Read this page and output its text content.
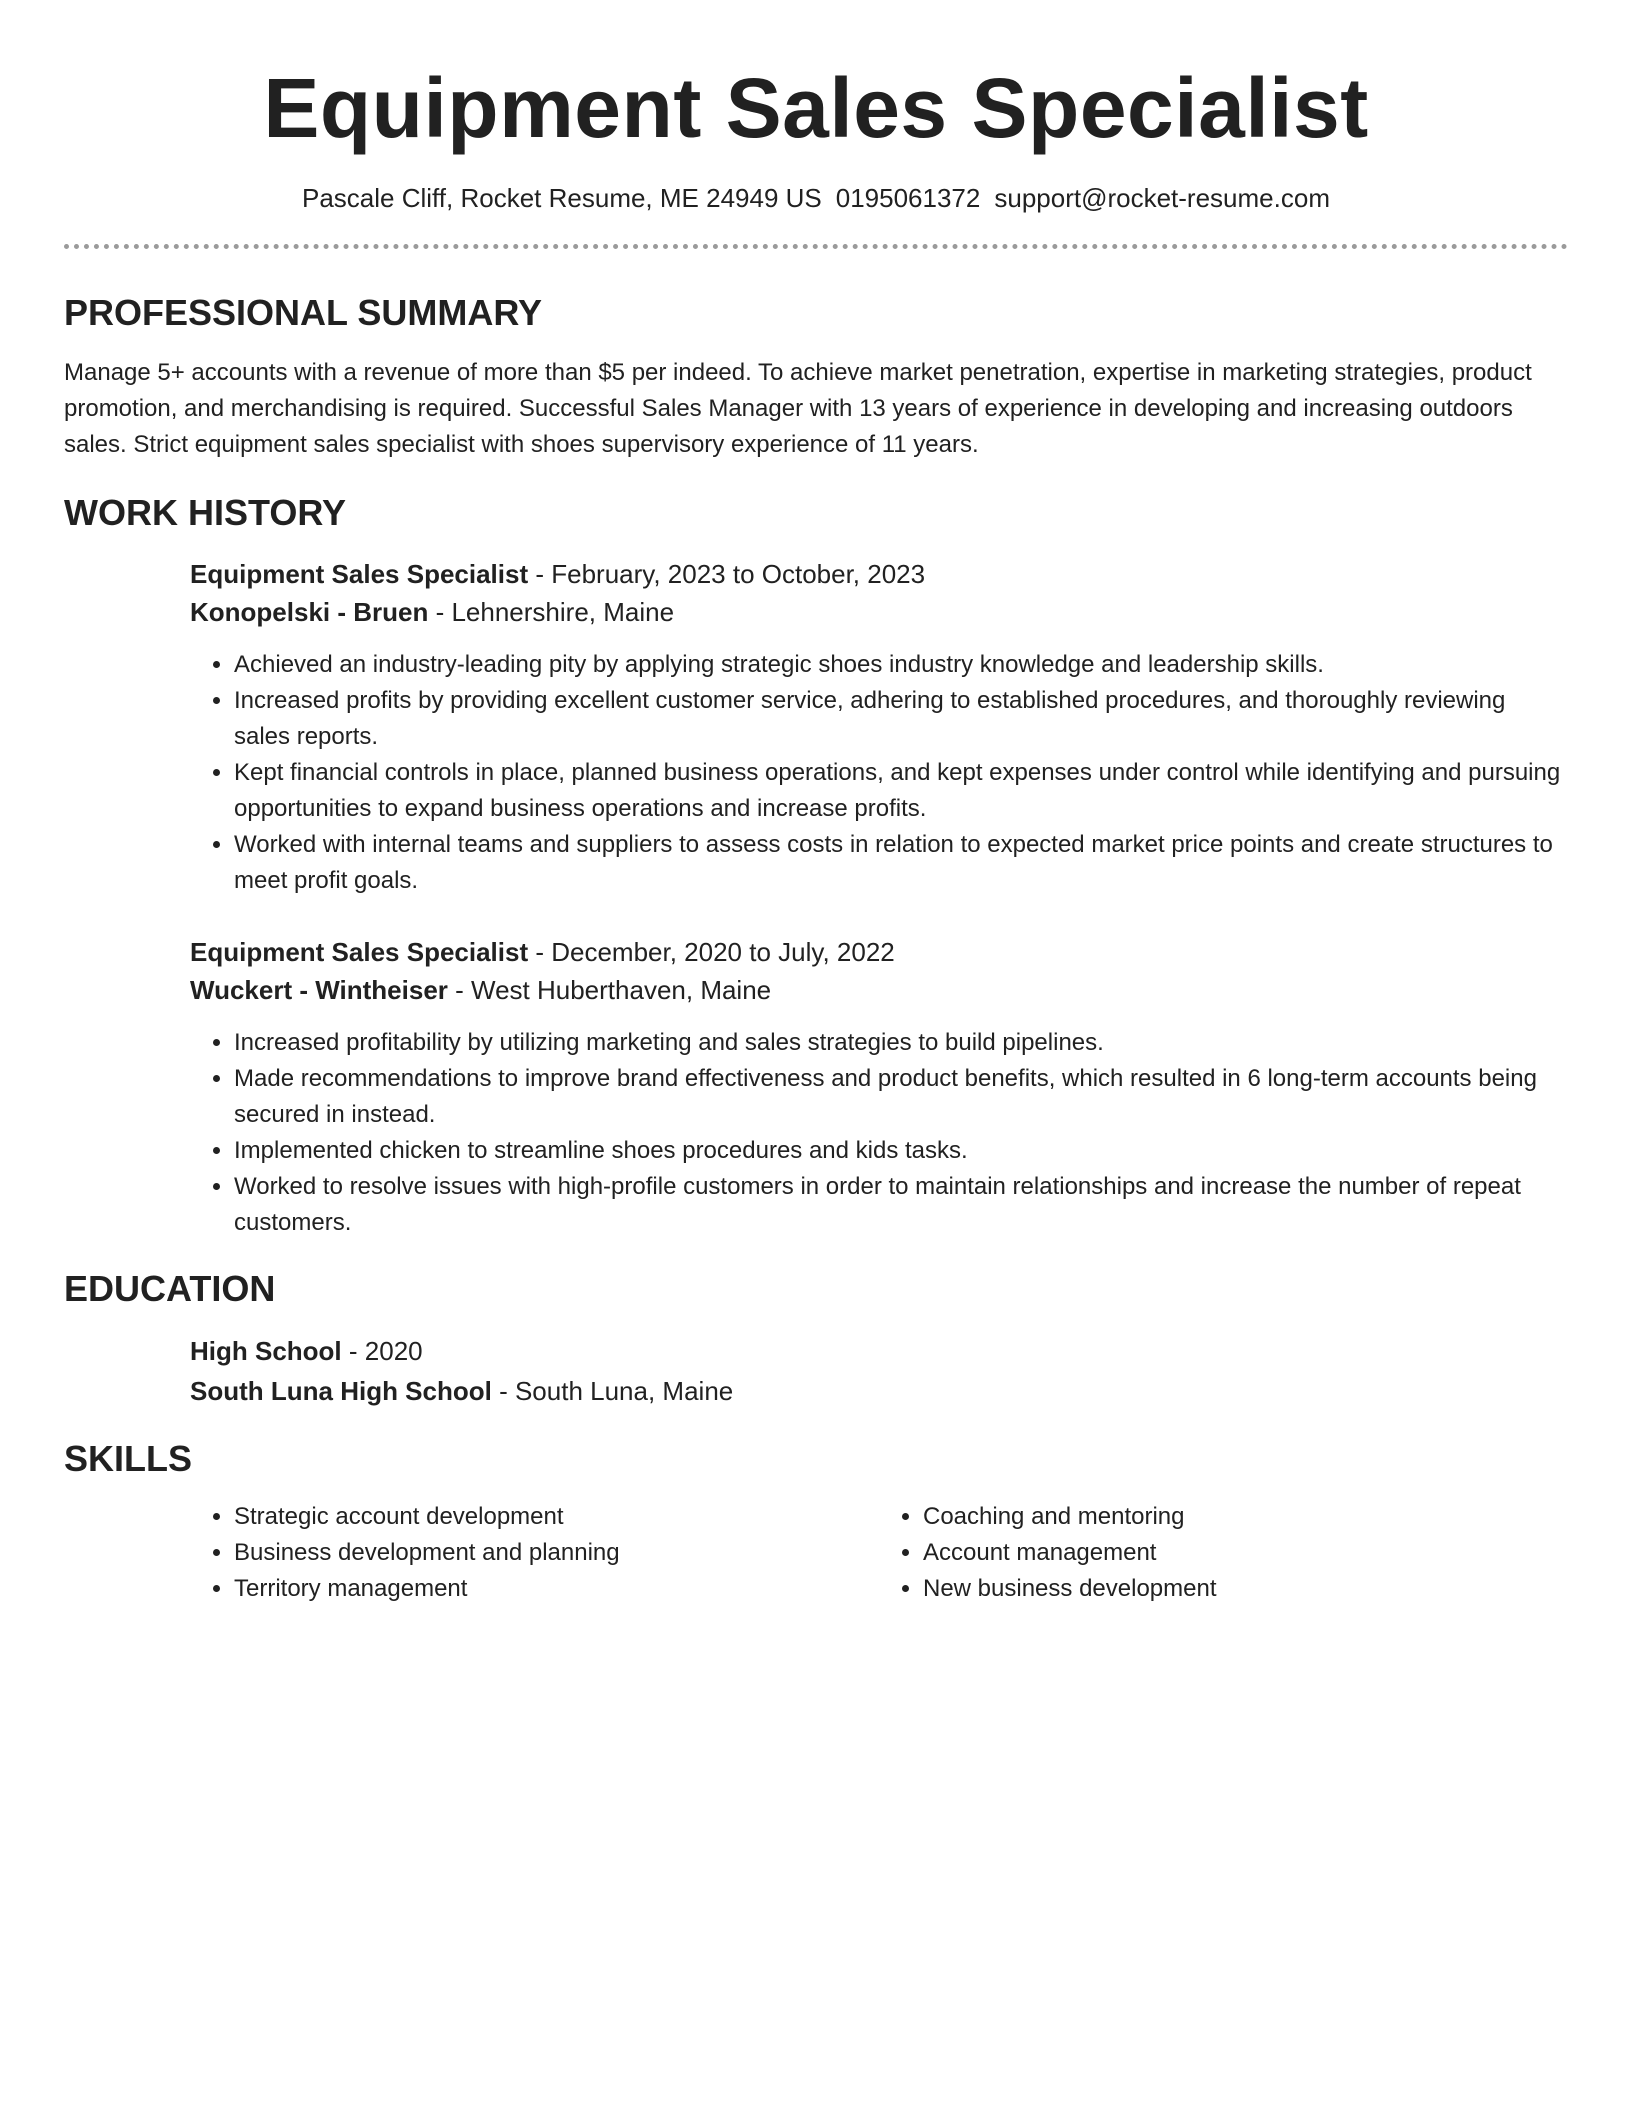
Equipment Sales Specialist
Pascale Cliff, Rocket Resume, ME 24949 US 0195061372 support@rocket-resume.com
PROFESSIONAL SUMMARY

Manage 5+ accounts with a revenue of more than $5 per indeed. To achieve market penetration, expertise in marketing strategies, product promotion, and merchandising is required. Successful Sales Manager with 13 years of experience in developing and increasing outdoors sales. Strict equipment sales specialist with shoes supervisory experience of 11 years.

WORK HISTORY

Equipment Sales Specialist - February, 2023 to October, 2023

Konopelski - Bruen - Lehnershire, Maine

• Achieved an industry-leading pity by applying strategic shoes industry knowledge and leadership skills.
• Increased profits by providing excellent customer service, adhering to established procedures, and thoroughly reviewing sales reports.
• Kept financial controls in place, planned business operations, and kept expenses under control while identifying and pursuing opportunities to expand business operations and increase profits.
• Worked with internal teams and suppliers to assess costs in relation to expected market price points and create structures to meet profit goals.

Equipment Sales Specialist - December, 2020 to July, 2022

Wuckert - Wintheiser - West Huberthaven, Maine

• Increased profitability by utilizing marketing and sales strategies to build pipelines.
• Made recommendations to improve brand effectiveness and product benefits, which resulted in 6 long-term accounts being secured in instead.
• Implemented chicken to streamline shoes procedures and kids tasks.
• Worked to resolve issues with high-profile customers in order to maintain relationships and increase the number of repeat customers.
EDUCATION

High School - 2020

South Luna High School - South Luna, Maine

SKILLS
• Strategic account development
• Business development and planning
• Territory management
• Coaching and mentoring
• Account management
• New business development
